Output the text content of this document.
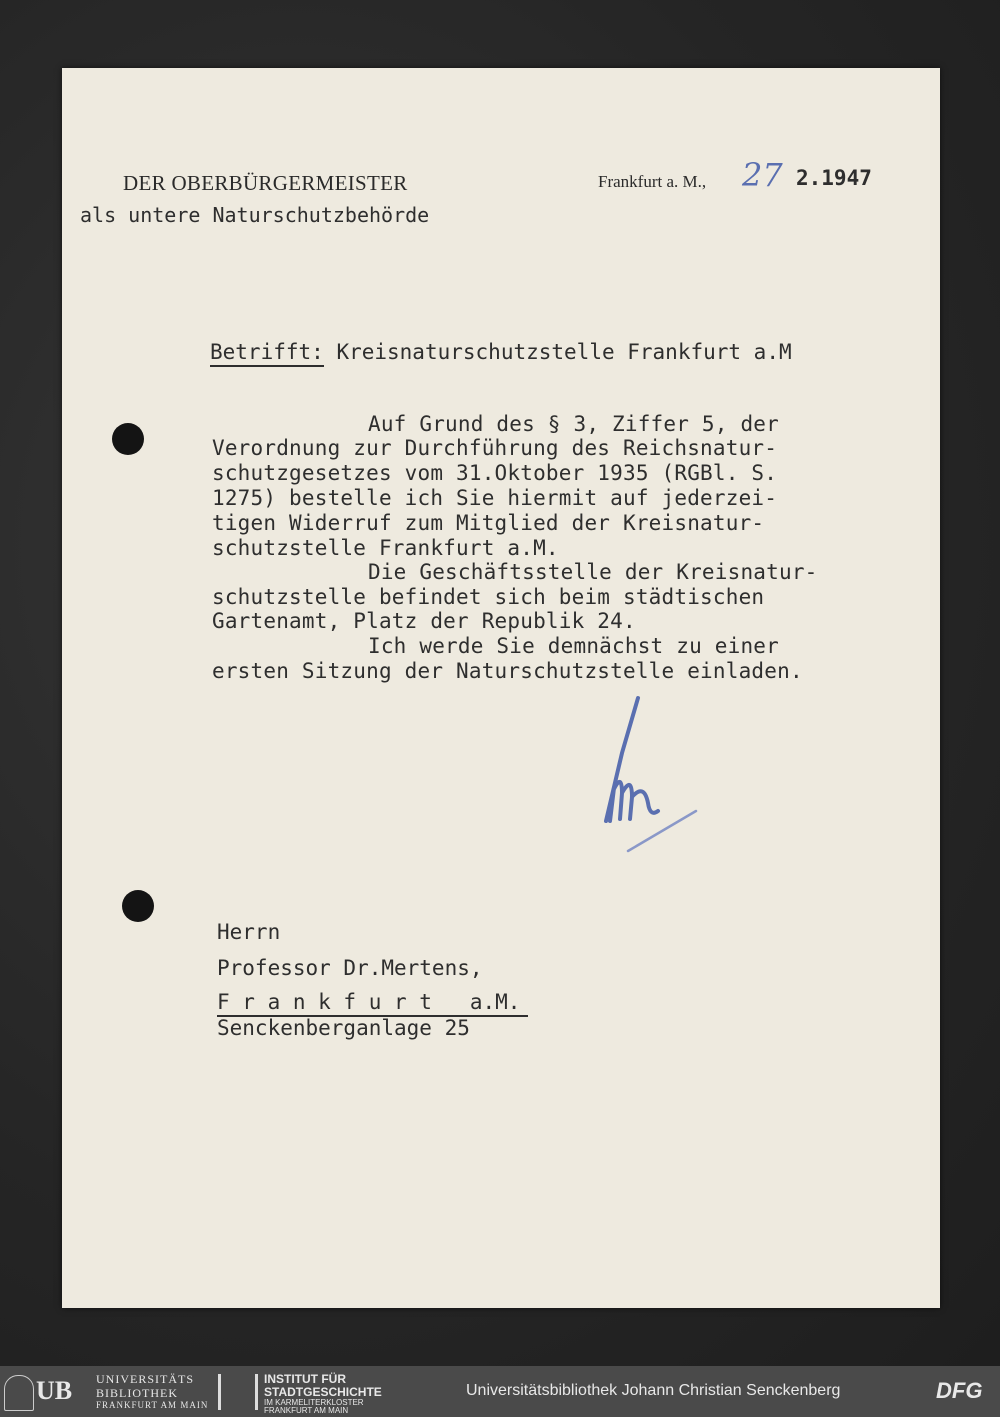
DER OBERBÜRGERMEISTER
als untere Naturschutzbehörde
Frankfurt a. M., 27 2.1947
Betrifft: Kreisnaturschutzstelle Frankfurt a.M
Auf Grund des § 3, Ziffer 5, der
Verordnung zur Durchführung des Reichsnatur-
schutzgesetzes vom 31.Oktober 1935 (RGBl. S.
1275) bestelle ich Sie hiermit auf jederzei-
tigen Widerruf zum Mitglied der Kreisnatur-
schutzstelle Frankfurt a.M.
Die Geschäftsstelle der Kreisnatur-
schutzstelle befindet sich beim städtischen
Gartenamt, Platz der Republik 24.
Ich werde Sie demnächst zu einer
ersten Sitzung der Naturschutzstelle einladen.
Herrn
Professor Dr.Mertens,
F r a n k f u r t   a.M.
Senckenberganlage 25
UB	UNIVERSITÄTS
BIBLIOTHEK
FRANKFURT AM MAIN
INSTITUT FÜR
STADTGESCHICHTE
IM KARMELITERKLOSTER
FRANKFURT AM MAIN
Universitätsbibliothek Johann Christian Senckenberg	DFG
